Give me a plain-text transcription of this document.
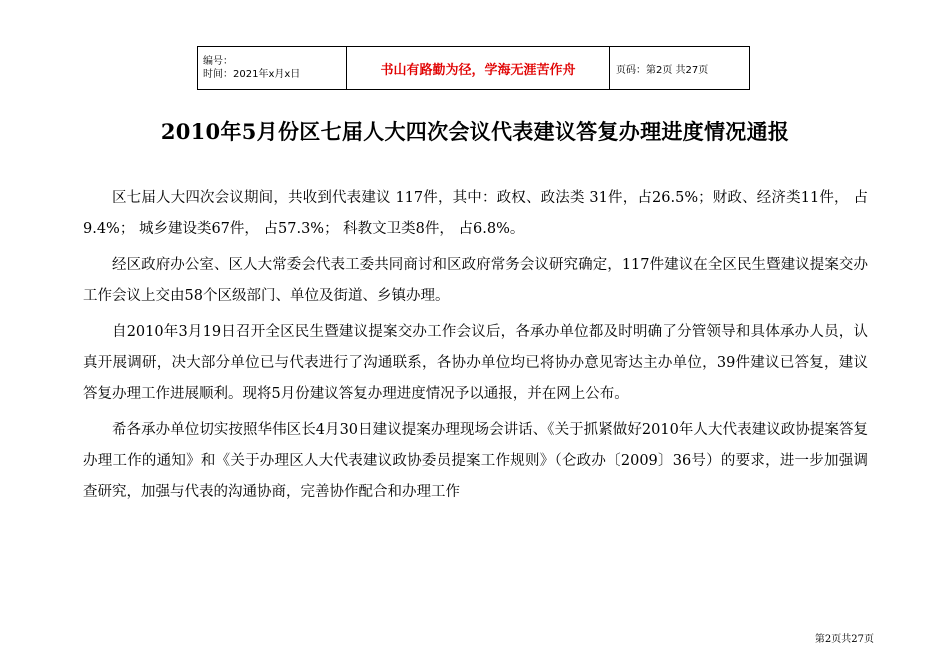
编号：
时间：2021年x月x日	书山有路勤为径，学海无涯苦作舟	页码：第2页 共27页
2010年5月份区七届人大四次会议代表建议答复办理进度情况通报

区七届人大四次会议期间，共收到代表建议 117件，其中：政权、政法类 31件，占26.5%；财政、经济类11件， 占9.4%； 城乡建设类67件， 占57.3%； 科教文卫类8件， 占6.8%。

经区政府办公室、区人大常委会代表工委共同商讨和区政府常务会议研究确定，117件建议在全区民生暨建议提案交办工作会议上交由58个区级部门、单位及街道、乡镇办理。

自2010年3月19日召开全区民生暨建议提案交办工作会议后，各承办单位都及时明确了分管领导和具体承办人员，认真开展调研，决大部分单位已与代表进行了沟通联系，各协办单位均已将协办意见寄达主办单位，39件建议已答复，建议答复办理工作进展顺利。现将5月份建议答复办理进度情况予以通报，并在网上公布。

希各承办单位切实按照华伟区长4月30日建议提案办理现场会讲话、《关于抓紧做好2010年人大代表建议政协提案答复办理工作的通知》和《关于办理区人大代表建议政协委员提案工作规则》（仑政办〔2009〕36号）的要求，进一步加强调查研究，加强与代表的沟通协商，完善协作配合和办理工作

第2页共27页
